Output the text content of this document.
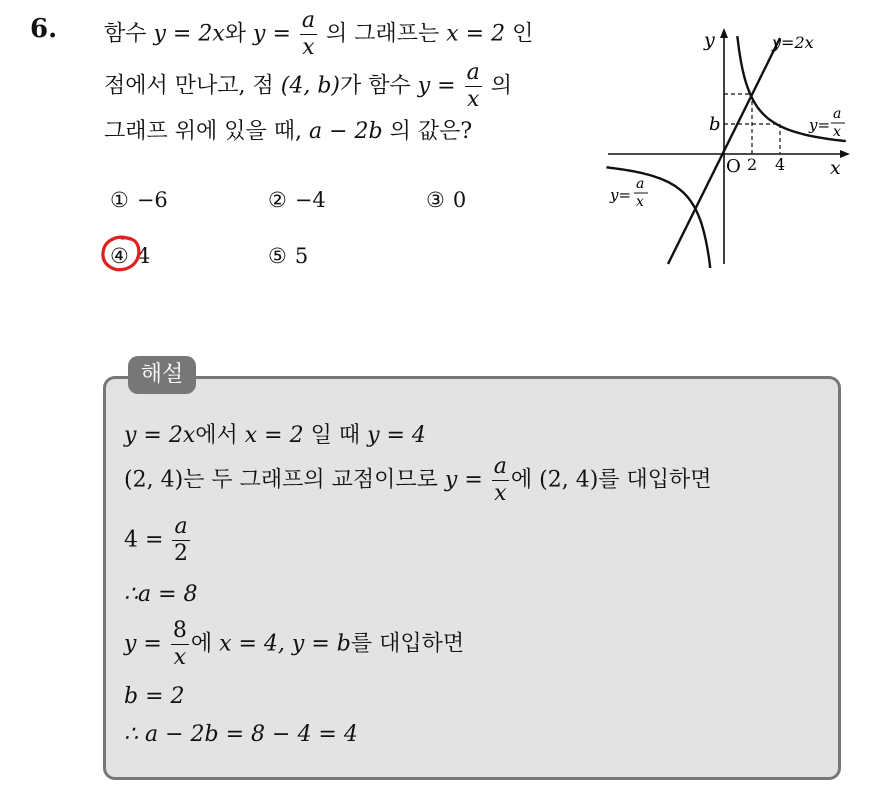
6. 함수 y = 2x와 $y = \frac{a}{x}$ 의 그래프는 x = 2 인
점에서 만나고, 점 (4, b)가 함수 $y = \frac{a}{x}$ 의
그래프 위에 있을 때, a − 2b 의 값은?
① −6	② −4	③ 0
④ 4	⑤ 5
y
x
O 2 4
b
y=2x
y=
a
x
y=
a
x
해설
y = 2x에서 x = 2 일 때 y = 4
(2, 4)는 두 그래프의 교점이므로 $y = \frac{a}{x}$ 에 (2, 4)를 대입하면
$4 = \frac{a}{2}$
∴a = 8
$y = \frac{8}{x}$ 에 x = 4, y = b를 대입하면
b = 2
∴ a − 2b = 8 − 4 = 4
